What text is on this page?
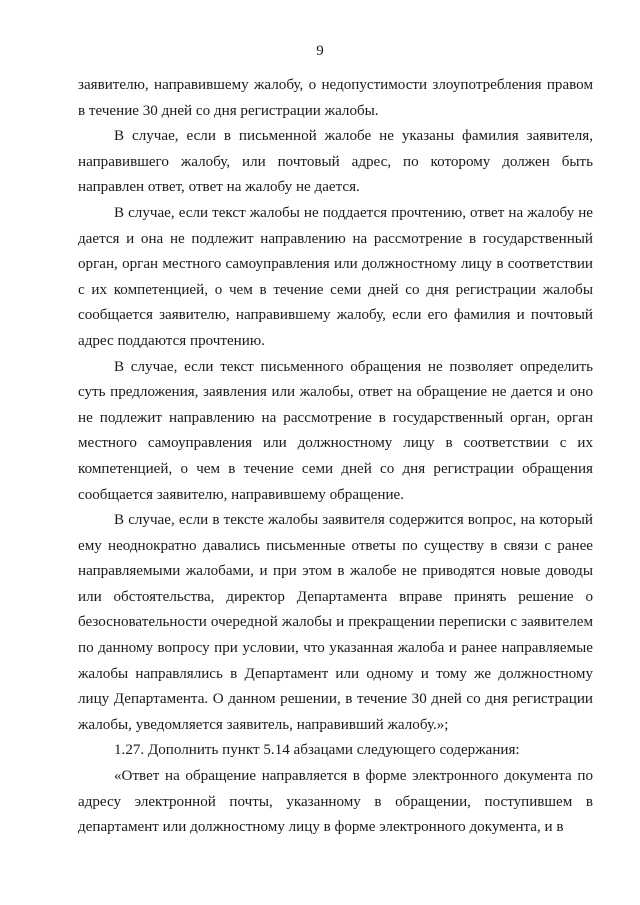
9

заявителю, направившему жалобу, о недопустимости злоупотребления правом в течение 30 дней со дня регистрации жалобы.

В случае, если в письменной жалобе не указаны фамилия заявителя, направившего жалобу, или почтовый адрес, по которому должен быть направлен ответ, ответ на жалобу не дается.

В случае, если текст жалобы не поддается прочтению, ответ на жалобу не дается и она не подлежит направлению на рассмотрение в государственный орган, орган местного самоуправления или должностному лицу в соответствии с их компетенцией, о чем в течение семи дней со дня регистрации жалобы сообщается заявителю, направившему жалобу, если его фамилия и почтовый адрес поддаются прочтению.

В случае, если текст письменного обращения не позволяет определить суть предложения, заявления или жалобы, ответ на обращение не дается и оно не подлежит направлению на рассмотрение в государственный орган, орган местного самоуправления или должностному лицу в соответствии с их компетенцией, о чем в течение семи дней со дня регистрации обращения сообщается заявителю, направившему обращение.

В случае, если в тексте жалобы заявителя содержится вопрос, на который ему неоднократно давались письменные ответы по существу в связи с ранее направляемыми жалобами, и при этом в жалобе не приводятся новые доводы или обстоятельства, директор Департамента вправе принять решение о безосновательности очередной жалобы и прекращении переписки с заявителем по данному вопросу при условии, что указанная жалоба и ранее направляемые жалобы направлялись в Департамент или одному и тому же должностному лицу Департамента. О данном решении, в течение 30 дней со дня регистрации жалобы, уведомляется заявитель, направивший жалобу.»;

1.27. Дополнить пункт 5.14 абзацами следующего содержания:

«Ответ на обращение направляется в форме электронного документа по адресу электронной почты, указанному в обращении, поступившем в департамент или должностному лицу в форме электронного документа, и в
